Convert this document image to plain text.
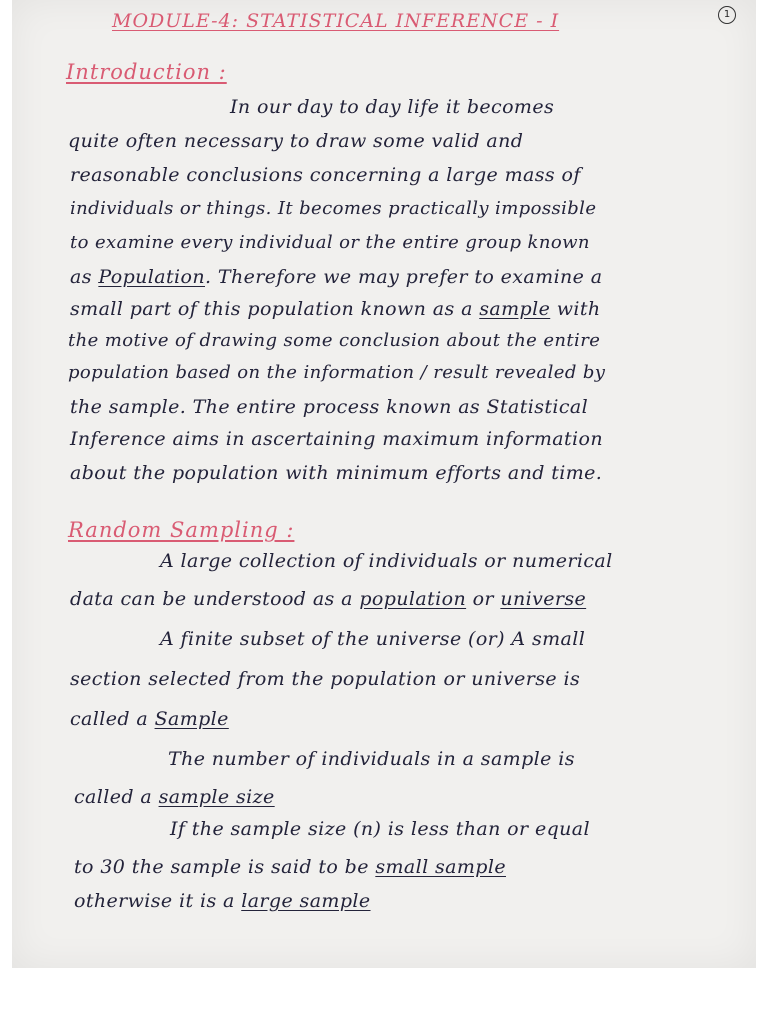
1
MODULE-4: STATISTICAL INFERENCE - I
Introduction :
In our day to day life it becomes
quite often necessary to draw some valid and
reasonable conclusions concerning a large mass of
individuals or things. It becomes practically impossible
to examine every individual or the entire group known
as Population. Therefore we may prefer to examine a
small part of this population known as a sample with
the motive of drawing some conclusion about the entire
population based on the information / result revealed by
the sample. The entire process known as Statistical
Inference aims in ascertaining maximum information
about the population with minimum efforts and time.
Random Sampling :
A large collection of individuals or numerical
data can be understood as a population or universe
A finite subset of the universe (or) A small
section selected from the population or universe is
called a Sample
The number of individuals in a sample is
called a sample size
If the sample size (n) is less than or equal
to 30 the sample is said to be small sample
otherwise it is a large sample
